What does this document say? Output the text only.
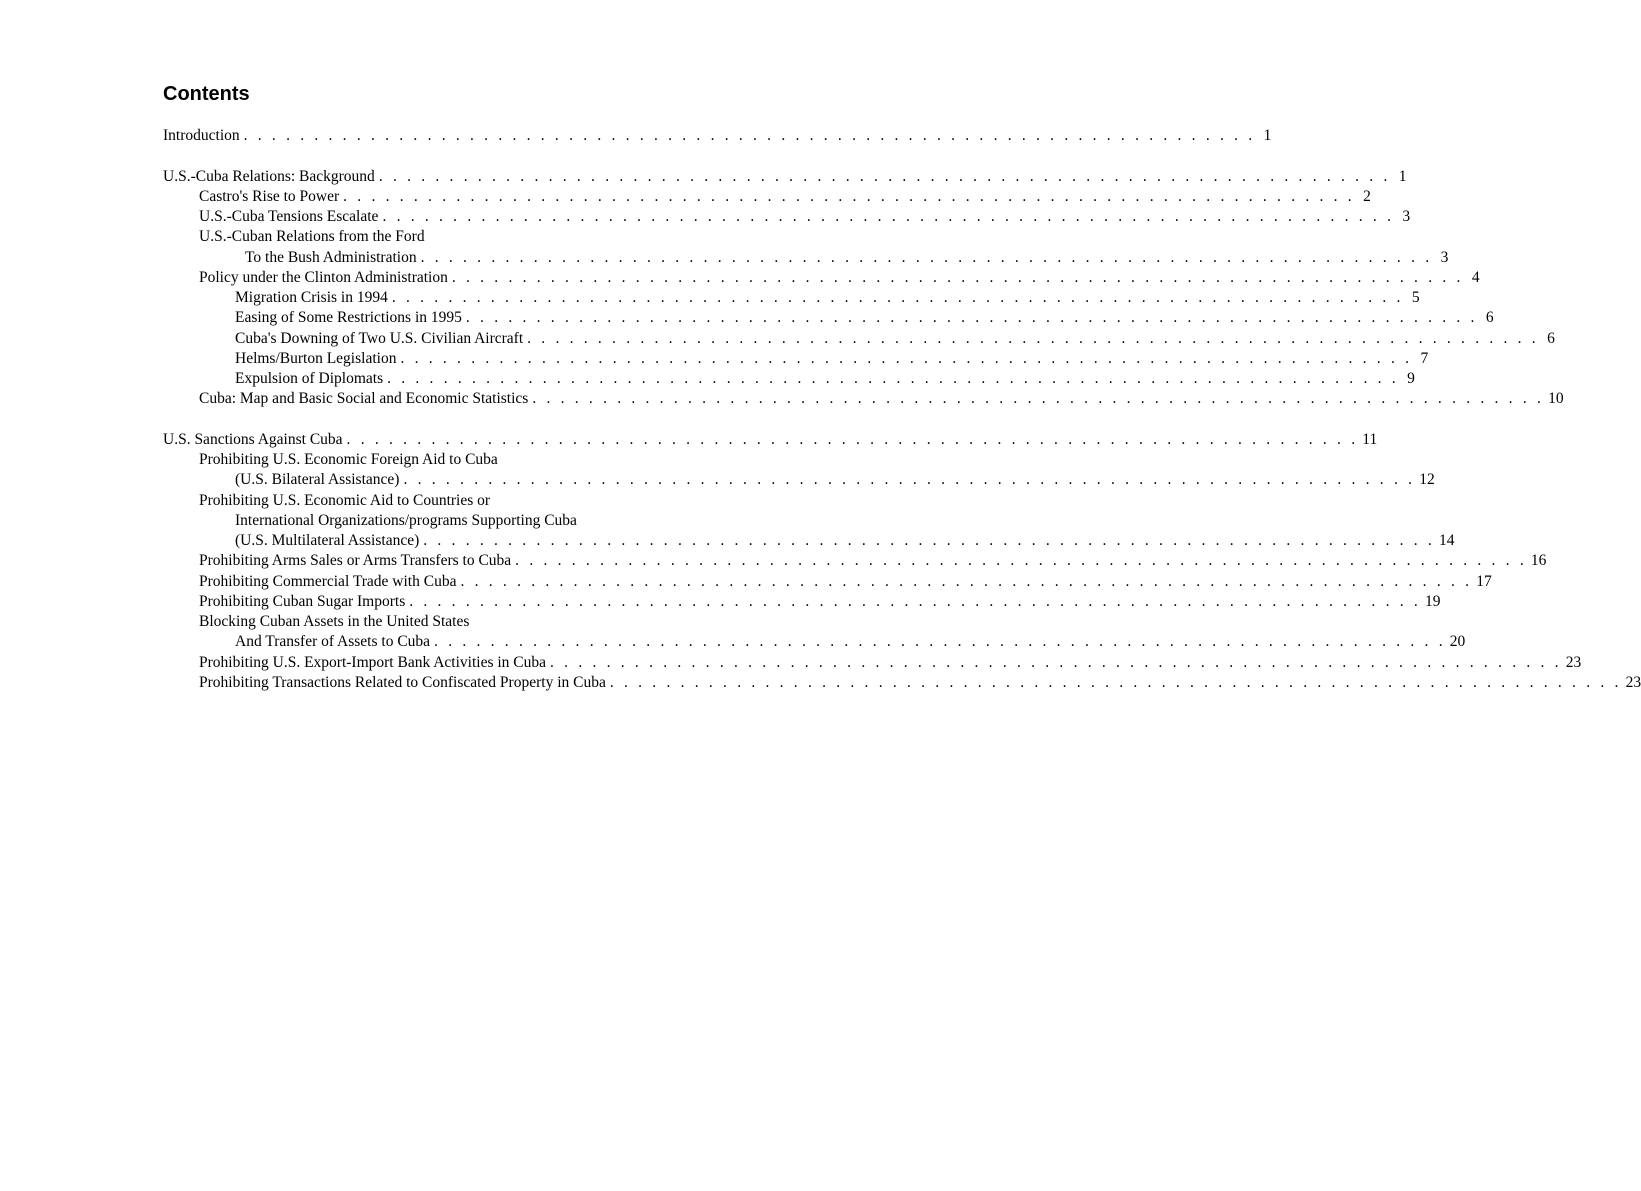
Contents
Introduction . . . . . . . . . . . . . . . . . . . . . . . . . . . . . . . . . . . . . . . . . . . . . . . . . . . . . . . . . . . . . . . . . . . . . . . . 1
U.S.-Cuba Relations: Background . . . . . . . . . . . . . . . . . . . . . . . . . . . . . . . . . . . . . . . . . . . . . . . . . . . . . . . . . . . . . . . . . . . . . . . . 1
Castro's Rise to Power . . . . . . . . . . . . . . . . . . . . . . . . . . . . . . . . . . . . . . . . . . . . . . . . . . . . . . . . . . . . . . . . . . . . . . . . 2
U.S.-Cuba Tensions Escalate . . . . . . . . . . . . . . . . . . . . . . . . . . . . . . . . . . . . . . . . . . . . . . . . . . . . . . . . . . . . . . . . . . . . . . . . 3
U.S.-Cuban Relations from the Ford
To the Bush Administration . . . . . . . . . . . . . . . . . . . . . . . . . . . . . . . . . . . . . . . . . . . . . . . . . . . . . . . . . . . . . . . . . . . . . . . . 3
Policy under the Clinton Administration . . . . . . . . . . . . . . . . . . . . . . . . . . . . . . . . . . . . . . . . . . . . . . . . . . . . . . . . . . . . . . . . . . . . . . . . 4
Migration Crisis in 1994 . . . . . . . . . . . . . . . . . . . . . . . . . . . . . . . . . . . . . . . . . . . . . . . . . . . . . . . . . . . . . . . . . . . . . . . . 5
Easing of Some Restrictions in 1995 . . . . . . . . . . . . . . . . . . . . . . . . . . . . . . . . . . . . . . . . . . . . . . . . . . . . . . . . . . . . . . . . . . . . . . . . 6
Cuba's Downing of Two U.S. Civilian Aircraft . . . . . . . . . . . . . . . . . . . . . . . . . . . . . . . . . . . . . . . . . . . . . . . . . . . . . . . . . . . . . . . . . . . . . . . . 6
Helms/Burton Legislation . . . . . . . . . . . . . . . . . . . . . . . . . . . . . . . . . . . . . . . . . . . . . . . . . . . . . . . . . . . . . . . . . . . . . . . . 7
Expulsion of Diplomats . . . . . . . . . . . . . . . . . . . . . . . . . . . . . . . . . . . . . . . . . . . . . . . . . . . . . . . . . . . . . . . . . . . . . . . . 9
Cuba: Map and Basic Social and Economic Statistics . . . . . . . . . . . . . . . . . . . . . . . . . . . . . . . . . . . . . . . . . . . . . . . . . . . . . . . . . . . . . . . . . . . . . . . . 10
U.S. Sanctions Against Cuba . . . . . . . . . . . . . . . . . . . . . . . . . . . . . . . . . . . . . . . . . . . . . . . . . . . . . . . . . . . . . . . . . . . . . . . . 11
Prohibiting U.S. Economic Foreign Aid to Cuba
(U.S. Bilateral Assistance) . . . . . . . . . . . . . . . . . . . . . . . . . . . . . . . . . . . . . . . . . . . . . . . . . . . . . . . . . . . . . . . . . . . . . . . . 12
Prohibiting U.S. Economic Aid to Countries or
International Organizations/programs Supporting Cuba
(U.S. Multilateral Assistance) . . . . . . . . . . . . . . . . . . . . . . . . . . . . . . . . . . . . . . . . . . . . . . . . . . . . . . . . . . . . . . . . . . . . . . . . 14
Prohibiting Arms Sales or Arms Transfers to Cuba . . . . . . . . . . . . . . . . . . . . . . . . . . . . . . . . . . . . . . . . . . . . . . . . . . . . . . . . . . . . . . . . . . . . . . . . 16
Prohibiting Commercial Trade with Cuba . . . . . . . . . . . . . . . . . . . . . . . . . . . . . . . . . . . . . . . . . . . . . . . . . . . . . . . . . . . . . . . . . . . . . . . . 17
Prohibiting Cuban Sugar Imports . . . . . . . . . . . . . . . . . . . . . . . . . . . . . . . . . . . . . . . . . . . . . . . . . . . . . . . . . . . . . . . . . . . . . . . . 19
Blocking Cuban Assets in the United States
And Transfer of Assets to Cuba . . . . . . . . . . . . . . . . . . . . . . . . . . . . . . . . . . . . . . . . . . . . . . . . . . . . . . . . . . . . . . . . . . . . . . . . 20
Prohibiting U.S. Export-Import Bank Activities in Cuba . . . . . . . . . . . . . . . . . . . . . . . . . . . . . . . . . . . . . . . . . . . . . . . . . . . . . . . . . . . . . . . . . . . . . . . . 23
Prohibiting Transactions Related to Confiscated Property in Cuba . . . . . . . . . . . . . . . . . . . . . . . . . . . . . . . . . . . . . . . . . . . . . . . . . . . . . . . . . . . . . . . . . . . . . . . . 23
